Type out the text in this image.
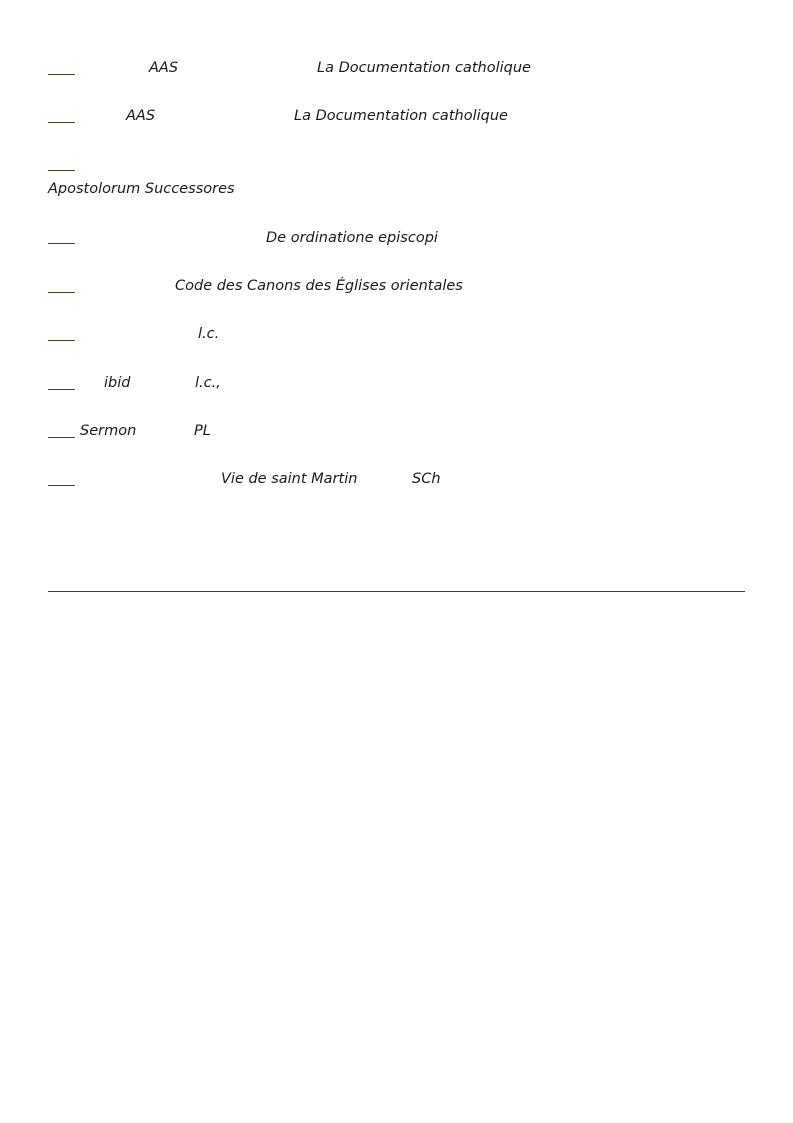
AAS	La Documentation catholique
AAS	La Documentation catholique
Apostolorum Successores
De ordinatione episcopi
Code des Canons des Églises orientales
l.c.
ibid	l.c.,
Sermon	PL
Vie de saint Martin	SCh
